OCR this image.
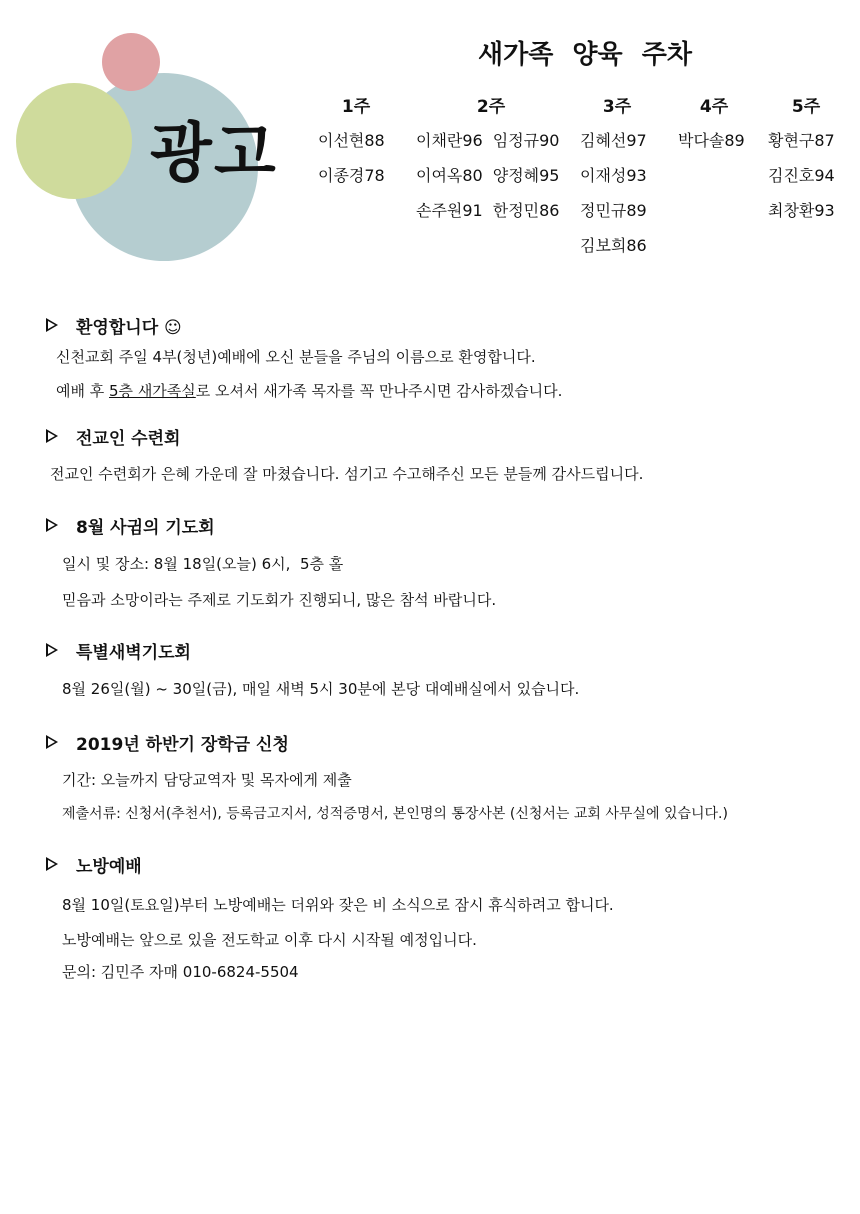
광고
새가족 양육 주차
1주
이선현88
이종경78
2주
이채란96 임정규90
이여옥80 양정혜95
손주원91 한정민86
3주
김혜선97
이재성93
정민규89
김보희86
4주
박다솔89
5주
황현구87
김진호94
최창환93
환영합니다 ☺
신천교회 주일 4부(청년)예배에 오신 분들을 주님의 이름으로 환영합니다.
예배 후 5층 새가족실로 오셔서 새가족 목자를 꼭 만나주시면 감사하겠습니다.
전교인 수련회
전교인 수련회가 은혜 가운데 잘 마쳤습니다. 섬기고 수고해주신 모든 분들께 감사드립니다.
8월 사귐의 기도회
일시 및 장소: 8월 18일(오늘) 6시,  5층 홀
믿음과 소망이라는 주제로 기도회가 진행되니, 많은 참석 바랍니다.
특별새벽기도회
8월 26일(월) ~ 30일(금), 매일 새벽 5시 30분에 본당 대예배실에서 있습니다.
2019년 하반기 장학금 신청
기간: 오늘까지 담당교역자 및 목자에게 제출
제출서류: 신청서(추천서), 등록금고지서, 성적증명서, 본인명의 통장사본 (신청서는 교회 사무실에 있습니다.)
노방예배
8월 10일(토요일)부터 노방예배는 더위와 잦은 비 소식으로 잠시 휴식하려고 합니다.
노방예배는 앞으로 있을 전도학교 이후 다시 시작될 예정입니다.
문의: 김민주 자매 010-6824-5504
